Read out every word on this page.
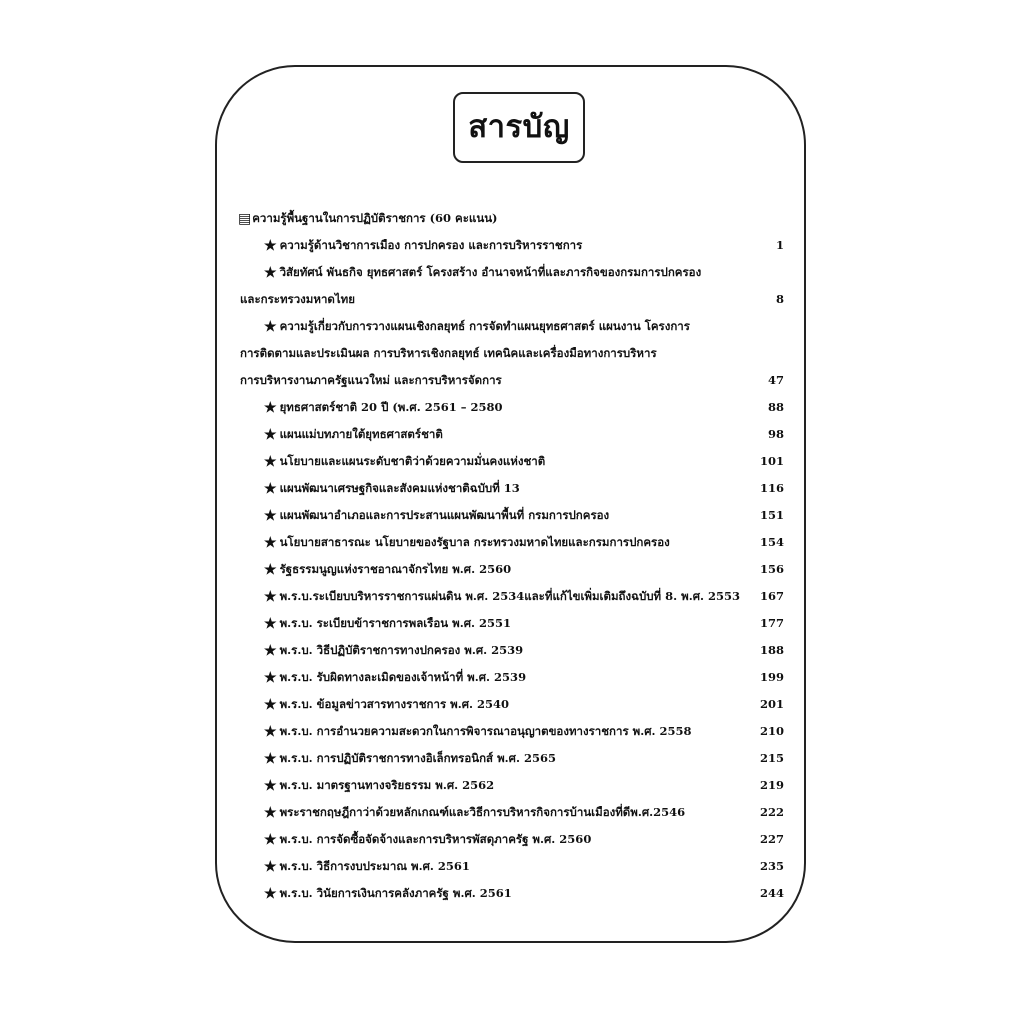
สารบัญ
▤ความรู้พื้นฐานในการปฏิบัติราชการ (60 คะแนน)
★ ความรู้ด้านวิชาการเมือง การปกครอง และการบริหารราชการ	1
★ วิสัยทัศน์ พันธกิจ ยุทธศาสตร์ โครงสร้าง อำนาจหน้าที่และภารกิจของกรมการปกครอง
และกระทรวงมหาดไทย	8
★ ความรู้เกี่ยวกับการวางแผนเชิงกลยุทธ์ การจัดทำแผนยุทธศาสตร์ แผนงาน โครงการ
การติดตามและประเมินผล การบริหารเชิงกลยุทธ์ เทคนิคและเครื่องมือทางการบริหาร
การบริหารงานภาครัฐแนวใหม่ และการบริหารจัดการ	47
★ ยุทธศาสตร์ชาติ 20 ปี (พ.ศ. 2561 – 2580	88
★ แผนแม่บทภายใต้ยุทธศาสตร์ชาติ	98
★ นโยบายและแผนระดับชาติว่าด้วยความมั่นคงแห่งชาติ	101
★ แผนพัฒนาเศรษฐกิจและสังคมแห่งชาติฉบับที่ 13	116
★ แผนพัฒนาอำเภอและการประสานแผนพัฒนาพื้นที่ กรมการปกครอง	151
★ นโยบายสาธารณะ นโยบายของรัฐบาล กระทรวงมหาดไทยและกรมการปกครอง	154
★ รัฐธรรมนูญแห่งราชอาณาจักรไทย พ.ศ. 2560	156
★ พ.ร.บ.ระเบียบบริหารราชการแผ่นดิน พ.ศ. 2534และที่แก้ไขเพิ่มเติมถึงฉบับที่ 8. พ.ศ. 2553 167
★ พ.ร.บ. ระเบียบข้าราชการพลเรือน พ.ศ. 2551	177
★ พ.ร.บ. วิธีปฏิบัติราชการทางปกครอง พ.ศ. 2539	188
★ พ.ร.บ. รับผิดทางละเมิดของเจ้าหน้าที่ พ.ศ. 2539	199
★ พ.ร.บ. ข้อมูลข่าวสารทางราชการ พ.ศ. 2540	201
★ พ.ร.บ. การอำนวยความสะดวกในการพิจารณาอนุญาตของทางราชการ พ.ศ. 2558	210
★ พ.ร.บ. การปฏิบัติราชการทางอิเล็กทรอนิกส์ พ.ศ. 2565	215
★ พ.ร.บ. มาตรฐานทางจริยธรรม พ.ศ. 2562	219
★ พระราชกฤษฎีกาว่าด้วยหลักเกณฑ์และวิธีการบริหารกิจการบ้านเมืองที่ดีพ.ศ.2546	222
★ พ.ร.บ. การจัดซื้อจัดจ้างและการบริหารพัสดุภาครัฐ พ.ศ. 2560	227
★ พ.ร.บ. วิธีการงบประมาณ พ.ศ. 2561	235
★ พ.ร.บ. วินัยการเงินการคลังภาครัฐ พ.ศ. 2561	244
